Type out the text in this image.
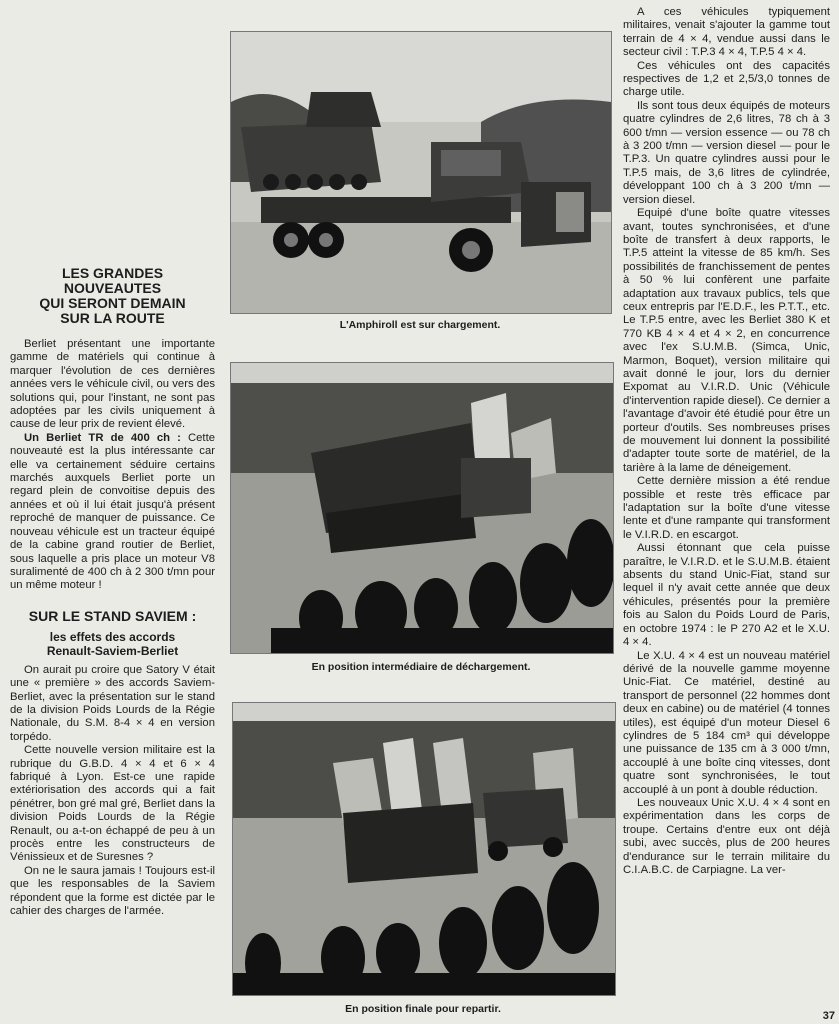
LES GRANDES
NOUVEAUTES
QUI SERONT DEMAIN
SUR LA ROUTE

Berliet présentant une importante gamme de matériels qui continue à marquer l'évolution de ces dernières années vers le véhicule civil, ou vers des solutions qui, pour l'instant, ne sont pas adoptées par les civils uniquement à cause de leur prix de revient élevé.

Un Berliet TR de 400 ch : Cette nouveauté est la plus intéressante car elle va certainement séduire certains marchés auxquels Berliet porte un regard plein de convoitise depuis des années et où il lui était jusqu'à présent reproché de manquer de puissance. Ce nouveau véhicule est un tracteur équipé de la cabine grand routier de Berliet, sous laquelle a pris place un moteur V8 suralimenté de 400 ch à 2 300 t/mn pour un même moteur !

SUR LE STAND SAVIEM :
les effets des accords
Renault-Saviem-Berliet

On aurait pu croire que Satory V était une « première » des accords Saviem-Berliet, avec la présentation sur le stand de la division Poids Lourds de la Régie Nationale, du S.M. 8-4 × 4 en version torpédo.

Cette nouvelle version militaire est la rubrique du G.B.D. 4 × 4 et 6 × 4 fabriqué à Lyon. Est-ce une rapide extériorisation des accords qui a fait pénétrer, bon gré mal gré, Berliet dans la division Poids Lourds de la Régie Renault, ou a-t-on échappé de peu à un procès entre les constructeurs de Vénissieux et de Suresnes ?

On ne le saura jamais ! Toujours est-il que les responsables de la Saviem répondent que la forme est dictée par le cahier des charges de l'armée.

L'Amphiroll est sur chargement.
En position intermédiaire de déchargement.
En position finale pour repartir.

A ces véhicules typiquement militaires, venait s'ajouter la gamme tout terrain de 4 × 4, vendue aussi dans le secteur civil : T.P.3 4 × 4, T.P.5 4 × 4.

Ces véhicules ont des capacités respectives de 1,2 et 2,5/3,0 tonnes de charge utile.

Ils sont tous deux équipés de moteurs quatre cylindres de 2,6 litres, 78 ch à 3 600 t/mn — version essence — ou 78 ch à 3 200 t/mn — version diesel — pour le T.P.3. Un quatre cylindres aussi pour le T.P.5 mais, de 3,6 litres de cylindrée, développant 100 ch à 3 200 t/mn — version diesel.

Equipé d'une boîte quatre vitesses avant, toutes synchronisées, et d'une boîte de transfert à deux rapports, le T.P.5 atteint la vitesse de 85 km/h. Ses possibilités de franchissement de pentes à 50 % lui confèrent une parfaite adaptation aux travaux publics, tels que ceux entrepris par l'E.D.F., les P.T.T., etc. Le T.P.5 entre, avec les Berliet 380 K et 770 KB 4 × 4 et 4 × 2, en concurrence avec l'ex S.U.M.B. (Simca, Unic, Marmon, Boquet), version militaire qui avait donné le jour, lors du dernier Expomat au V.I.R.D. Unic (Véhicule d'intervention rapide diesel). Ce dernier a l'avantage d'avoir été étudié pour être un porteur d'outils. Ses nombreuses prises de mouvement lui donnent la possibilité d'adapter toute sorte de matériel, de la tarière à la lame de déneigement.

Cette dernière mission a été rendue possible et reste très efficace par l'adaptation sur la boîte d'une vitesse lente et d'une rampante qui transforment le V.I.R.D. en escargot.

Aussi étonnant que cela puisse paraître, le V.I.R.D. et le S.U.M.B. étaient absents du stand Unic-Fiat, stand sur lequel il n'y avait cette année que deux véhicules, présentés pour la première fois au Salon du Poids Lourd de Paris, en octobre 1974 : le P 270 A2 et le X.U. 4 × 4.

Le X.U. 4 × 4 est un nouveau matériel dérivé de la nouvelle gamme moyenne Unic-Fiat. Ce matériel, destiné au transport de personnel (22 hommes dont deux en cabine) ou de matériel (4 tonnes utiles), est équipé d'un moteur Diesel 6 cylindres de 5 184 cm³ qui développe une puissance de 135 cm à 3 000 t/mn, accouplé à une boîte cinq vitesses, dont quatre sont synchronisées, le tout accouplé à un pont à double réduction.

Les nouveaux Unic X.U. 4 × 4 sont en expérimentation dans les corps de troupe. Certains d'entre eux ont déjà subi, avec succès, plus de 200 heures d'endurance sur le terrain militaire du C.I.A.B.C. de Carpiagne. La ver-

37
